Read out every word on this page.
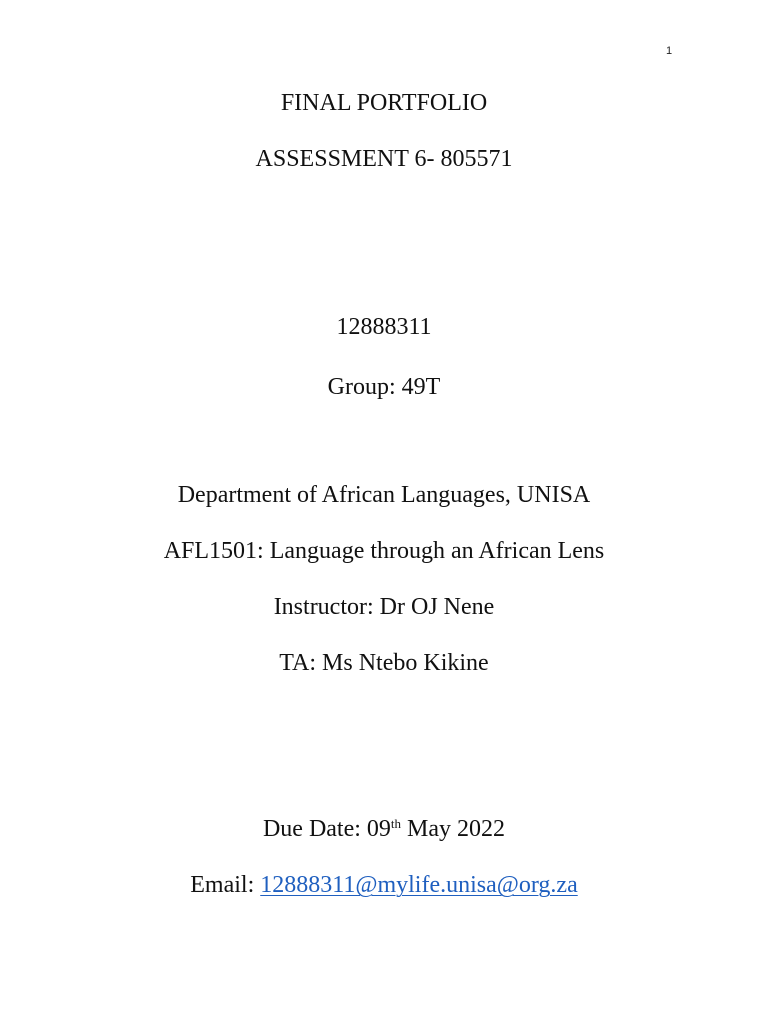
1
FINAL PORTFOLIO
ASSESSMENT 6- 805571
12888311
Group: 49T
Department of African Languages, UNISA
AFL1501: Language through an African Lens
Instructor: Dr OJ Nene
TA: Ms Ntebo Kikine
Due Date: 09th May 2022
Email: 12888311@mylife.unisa@org.za
